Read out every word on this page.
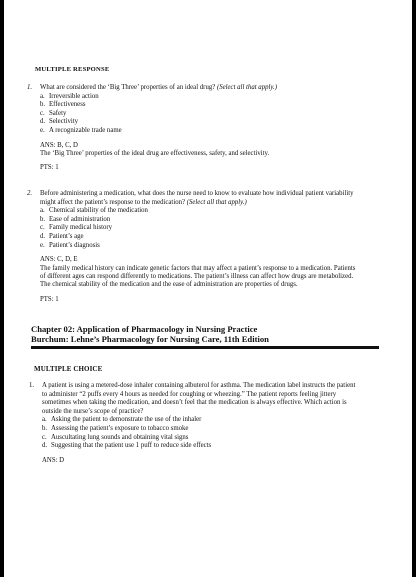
MULTIPLE RESPONSE
1. What are considered the ‘Big Three’ properties of an ideal drug? (Select all that apply.)
a. Irreversible action
b. Effectiveness
c. Safety
d. Selectivity
e. A recognizable trade name
ANS: B, C, D
The ‘Big Three’ properties of the ideal drug are effectiveness, safety, and selectivity.
PTS: 1
2. Before administering a medication, what does the nurse need to know to evaluate how individual patient variability might affect the patient’s response to the medication? (Select all that apply.)
a. Chemical stability of the medication
b. Ease of administration
c. Family medical history
d. Patient’s age
e. Patient’s diagnosis
ANS: C, D, E
The family medical history can indicate genetic factors that may affect a patient’s response to a medication. Patients of different ages can respond differently to medications. The patient’s illness can affect how drugs are metabolized. The chemical stability of the medication and the ease of administration are properties of drugs.
PTS: 1
Chapter 02: Application of Pharmacology in Nursing Practice
Burchum: Lehne’s Pharmacology for Nursing Care, 11th Edition
MULTIPLE CHOICE
1. A patient is using a metered-dose inhaler containing albuterol for asthma. The medication label instructs the patient to administer “2 puffs every 4 hours as needed for coughing or wheezing.” The patient reports feeling jittery sometimes when taking the medication, and doesn’t feel that the medication is always effective. Which action is outside the nurse’s scope of practice?
a. Asking the patient to demonstrate the use of the inhaler
b. Assessing the patient’s exposure to tobacco smoke
c. Auscultating lung sounds and obtaining vital signs
d. Suggesting that the patient use 1 puff to reduce side effects
ANS: D
